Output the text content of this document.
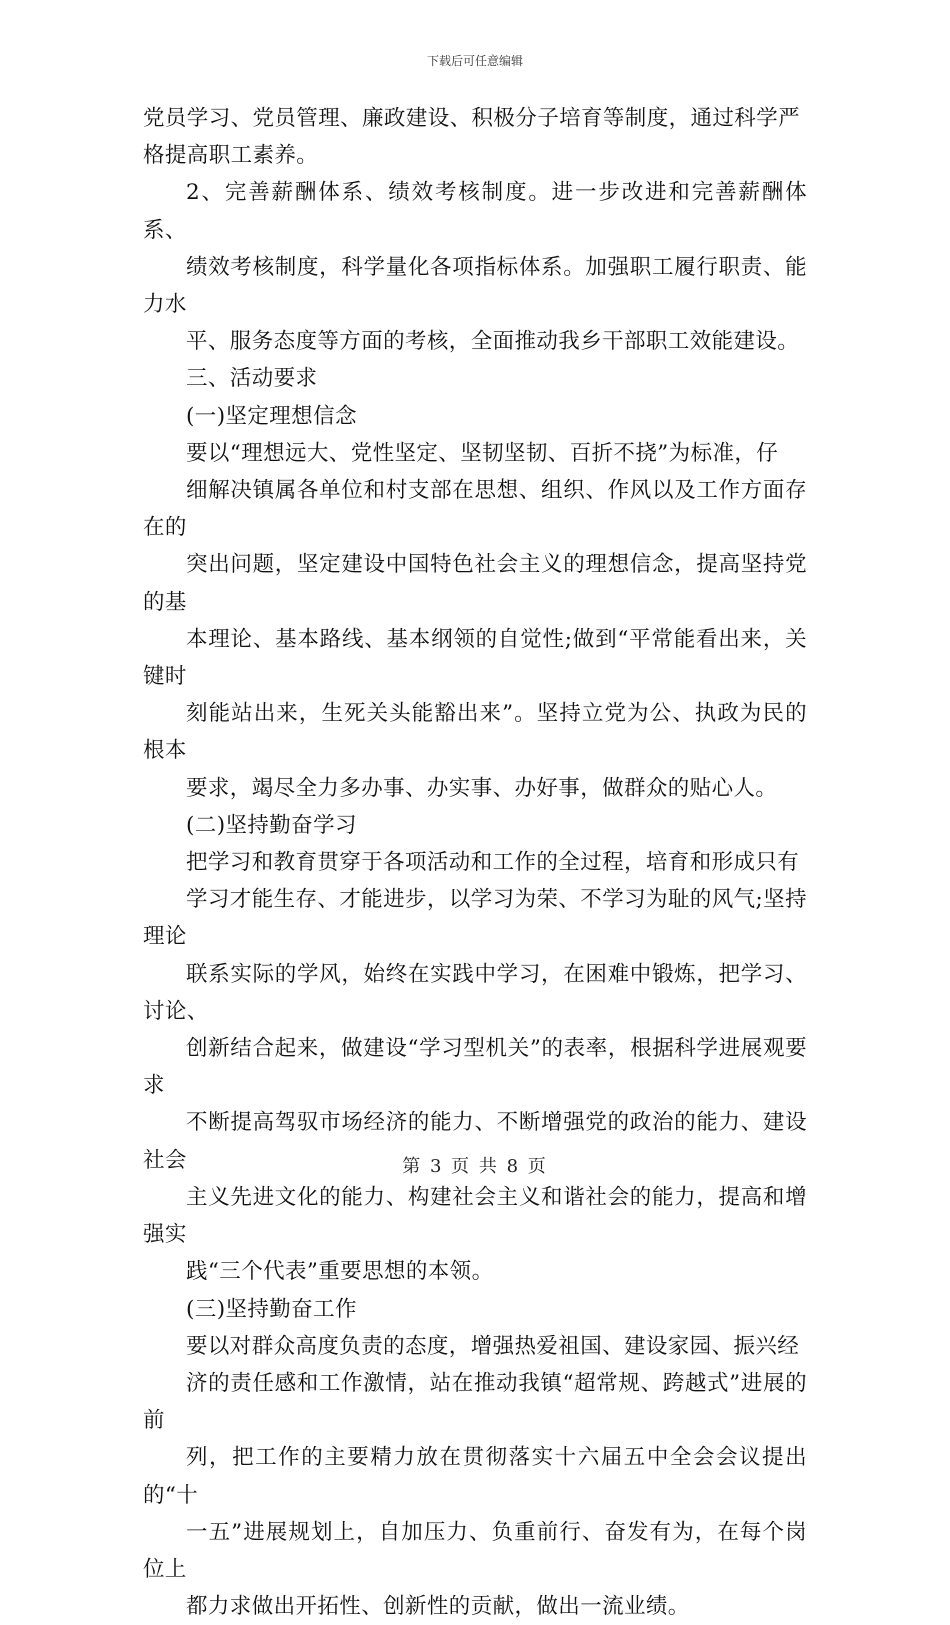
下载后可任意编辑
党员学习、党员管理、廉政建设、积极分子培育等制度，通过科学严
格提高职工素养。
2、完善薪酬体系、绩效考核制度。进一步改进和完善薪酬体系、
绩效考核制度，科学量化各项指标体系。加强职工履行职责、能力水
平、服务态度等方面的考核，全面推动我乡干部职工效能建设。
三、活动要求
(一)坚定理想信念
要以“理想远大、党性坚定、坚韧坚韧、百折不挠”为标准，仔
细解决镇属各单位和村支部在思想、组织、作风以及工作方面存在的
突出问题，坚定建设中国特色社会主义的理想信念，提高坚持党的基
本理论、基本路线、基本纲领的自觉性;做到“平常能看出来，关键时
刻能站出来，生死关头能豁出来”。坚持立党为公、执政为民的根本
要求，竭尽全力多办事、办实事、办好事，做群众的贴心人。
(二)坚持勤奋学习
把学习和教育贯穿于各项活动和工作的全过程，培育和形成只有
学习才能生存、才能进步，以学习为荣、不学习为耻的风气;坚持理论
联系实际的学风，始终在实践中学习，在困难中锻炼，把学习、讨论、
创新结合起来，做建设“学习型机关”的表率，根据科学进展观要求
不断提高驾驭市场经济的能力、不断增强党的政治的能力、建设社会
主义先进文化的能力、构建社会主义和谐社会的能力，提高和增强实
践“三个代表”重要思想的本领。
(三)坚持勤奋工作
要以对群众高度负责的态度，增强热爱祖国、建设家园、振兴经
济的责任感和工作激情，站在推动我镇“超常规、跨越式”进展的前
列，把工作的主要精力放在贯彻落实十六届五中全会会议提出的“十
一五”进展规划上，自加压力、负重前行、奋发有为，在每个岗位上
都力求做出开拓性、创新性的贡献，做出一流业绩。
第 3 页 共 8 页
